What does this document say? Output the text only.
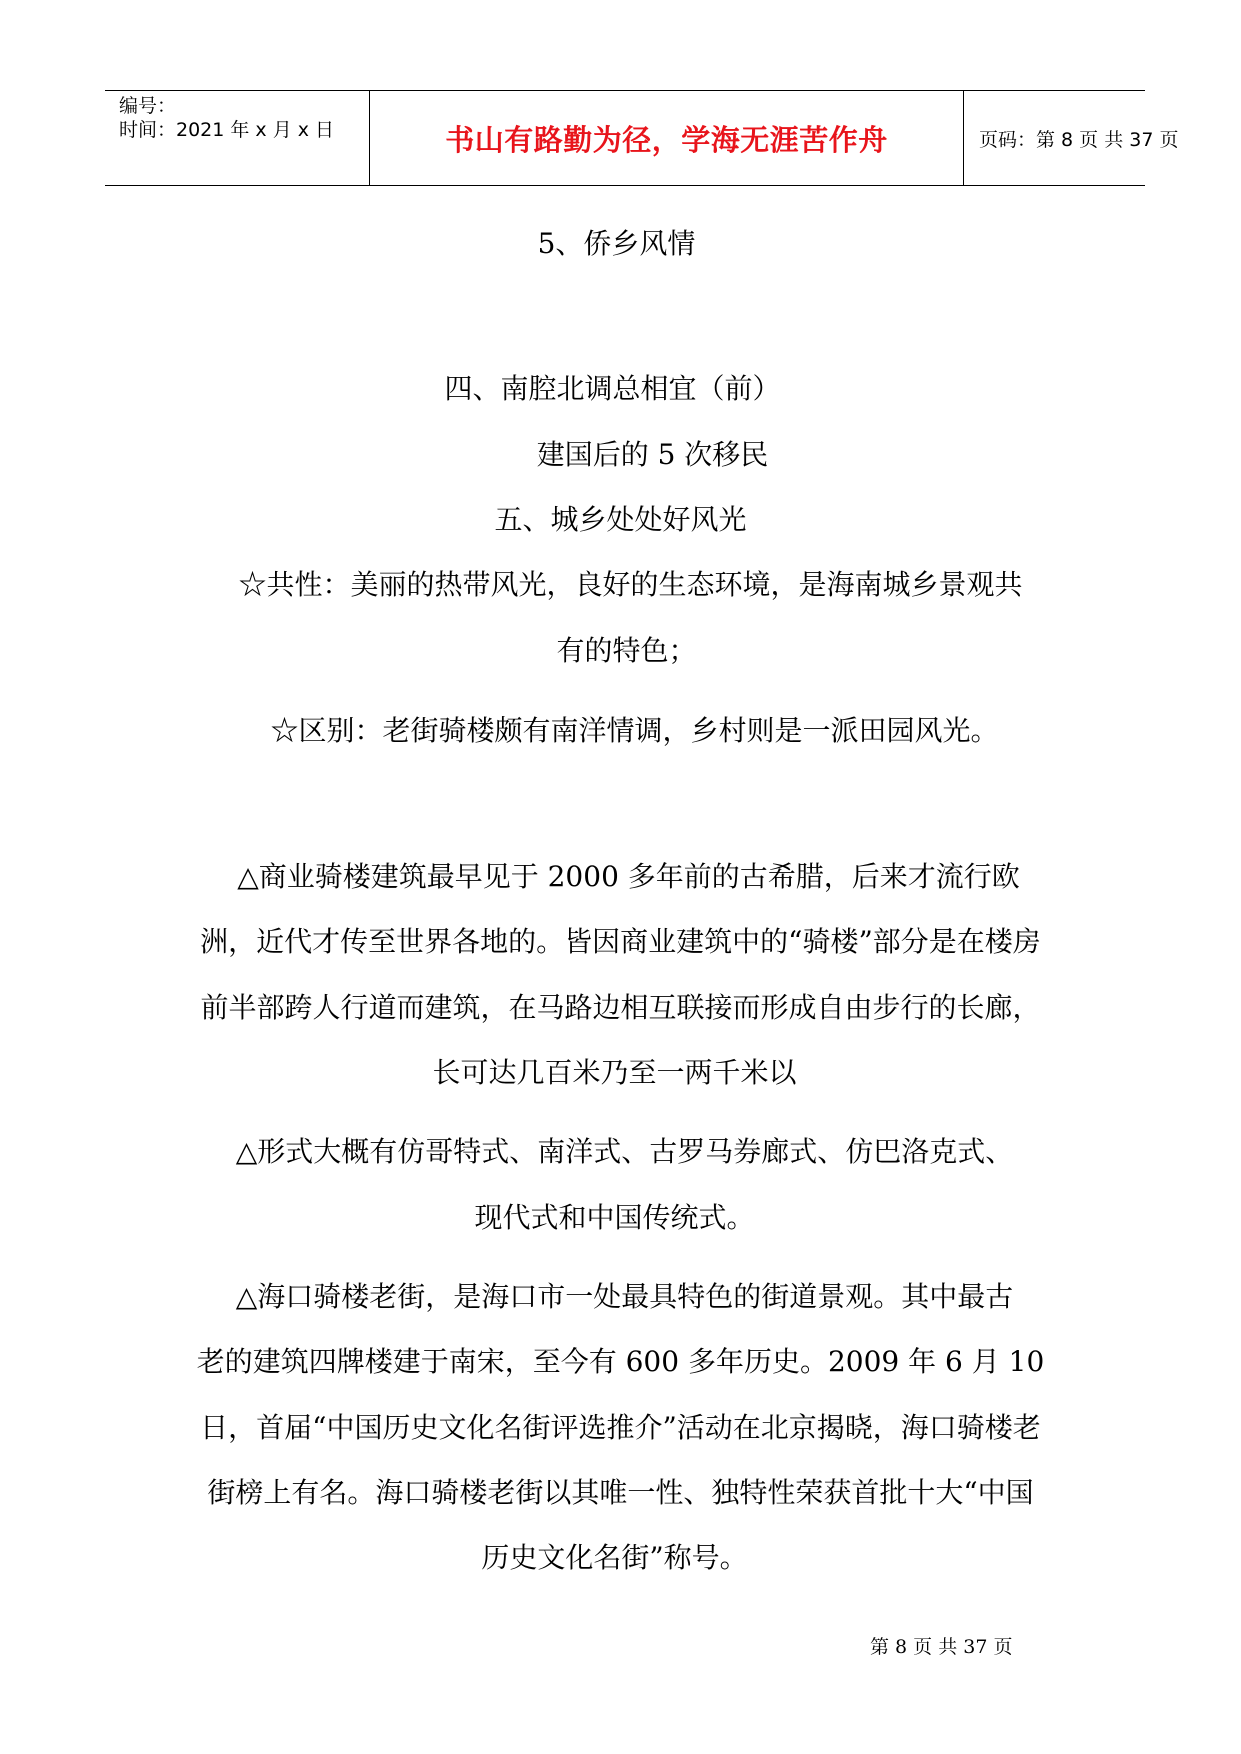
编号：
时间：2021 年 x 月 x 日	书山有路勤为径，学海无涯苦作舟	页码：第 8 页 共 37 页
5、侨乡风情
四、南腔北调总相宜（前）
建国后的 5 次移民
五、城乡处处好风光
☆共性：美丽的热带风光，良好的生态环境，是海南城乡景观共
有的特色；
☆区别：老街骑楼颇有南洋情调，乡村则是一派田园风光。
△商业骑楼建筑最早见于 2000 多年前的古希腊，后来才流行欧
洲，近代才传至世界各地的。皆因商业建筑中的“骑楼”部分是在楼房
前半部跨人行道而建筑，在马路边相互联接而形成自由步行的长廊，
长可达几百米乃至一两千米以
△形式大概有仿哥特式、南洋式、古罗马券廊式、仿巴洛克式、
现代式和中国传统式。
△海口骑楼老街，是海口市一处最具特色的街道景观。其中最古
老的建筑四牌楼建于南宋，至今有 600 多年历史。2009 年 6 月 10
日，首届“中国历史文化名街评选推介”活动在北京揭晓，海口骑楼老
街榜上有名。海口骑楼老街以其唯一性、独特性荣获首批十大“中国
历史文化名街”称号。
第 8 页 共 37 页
